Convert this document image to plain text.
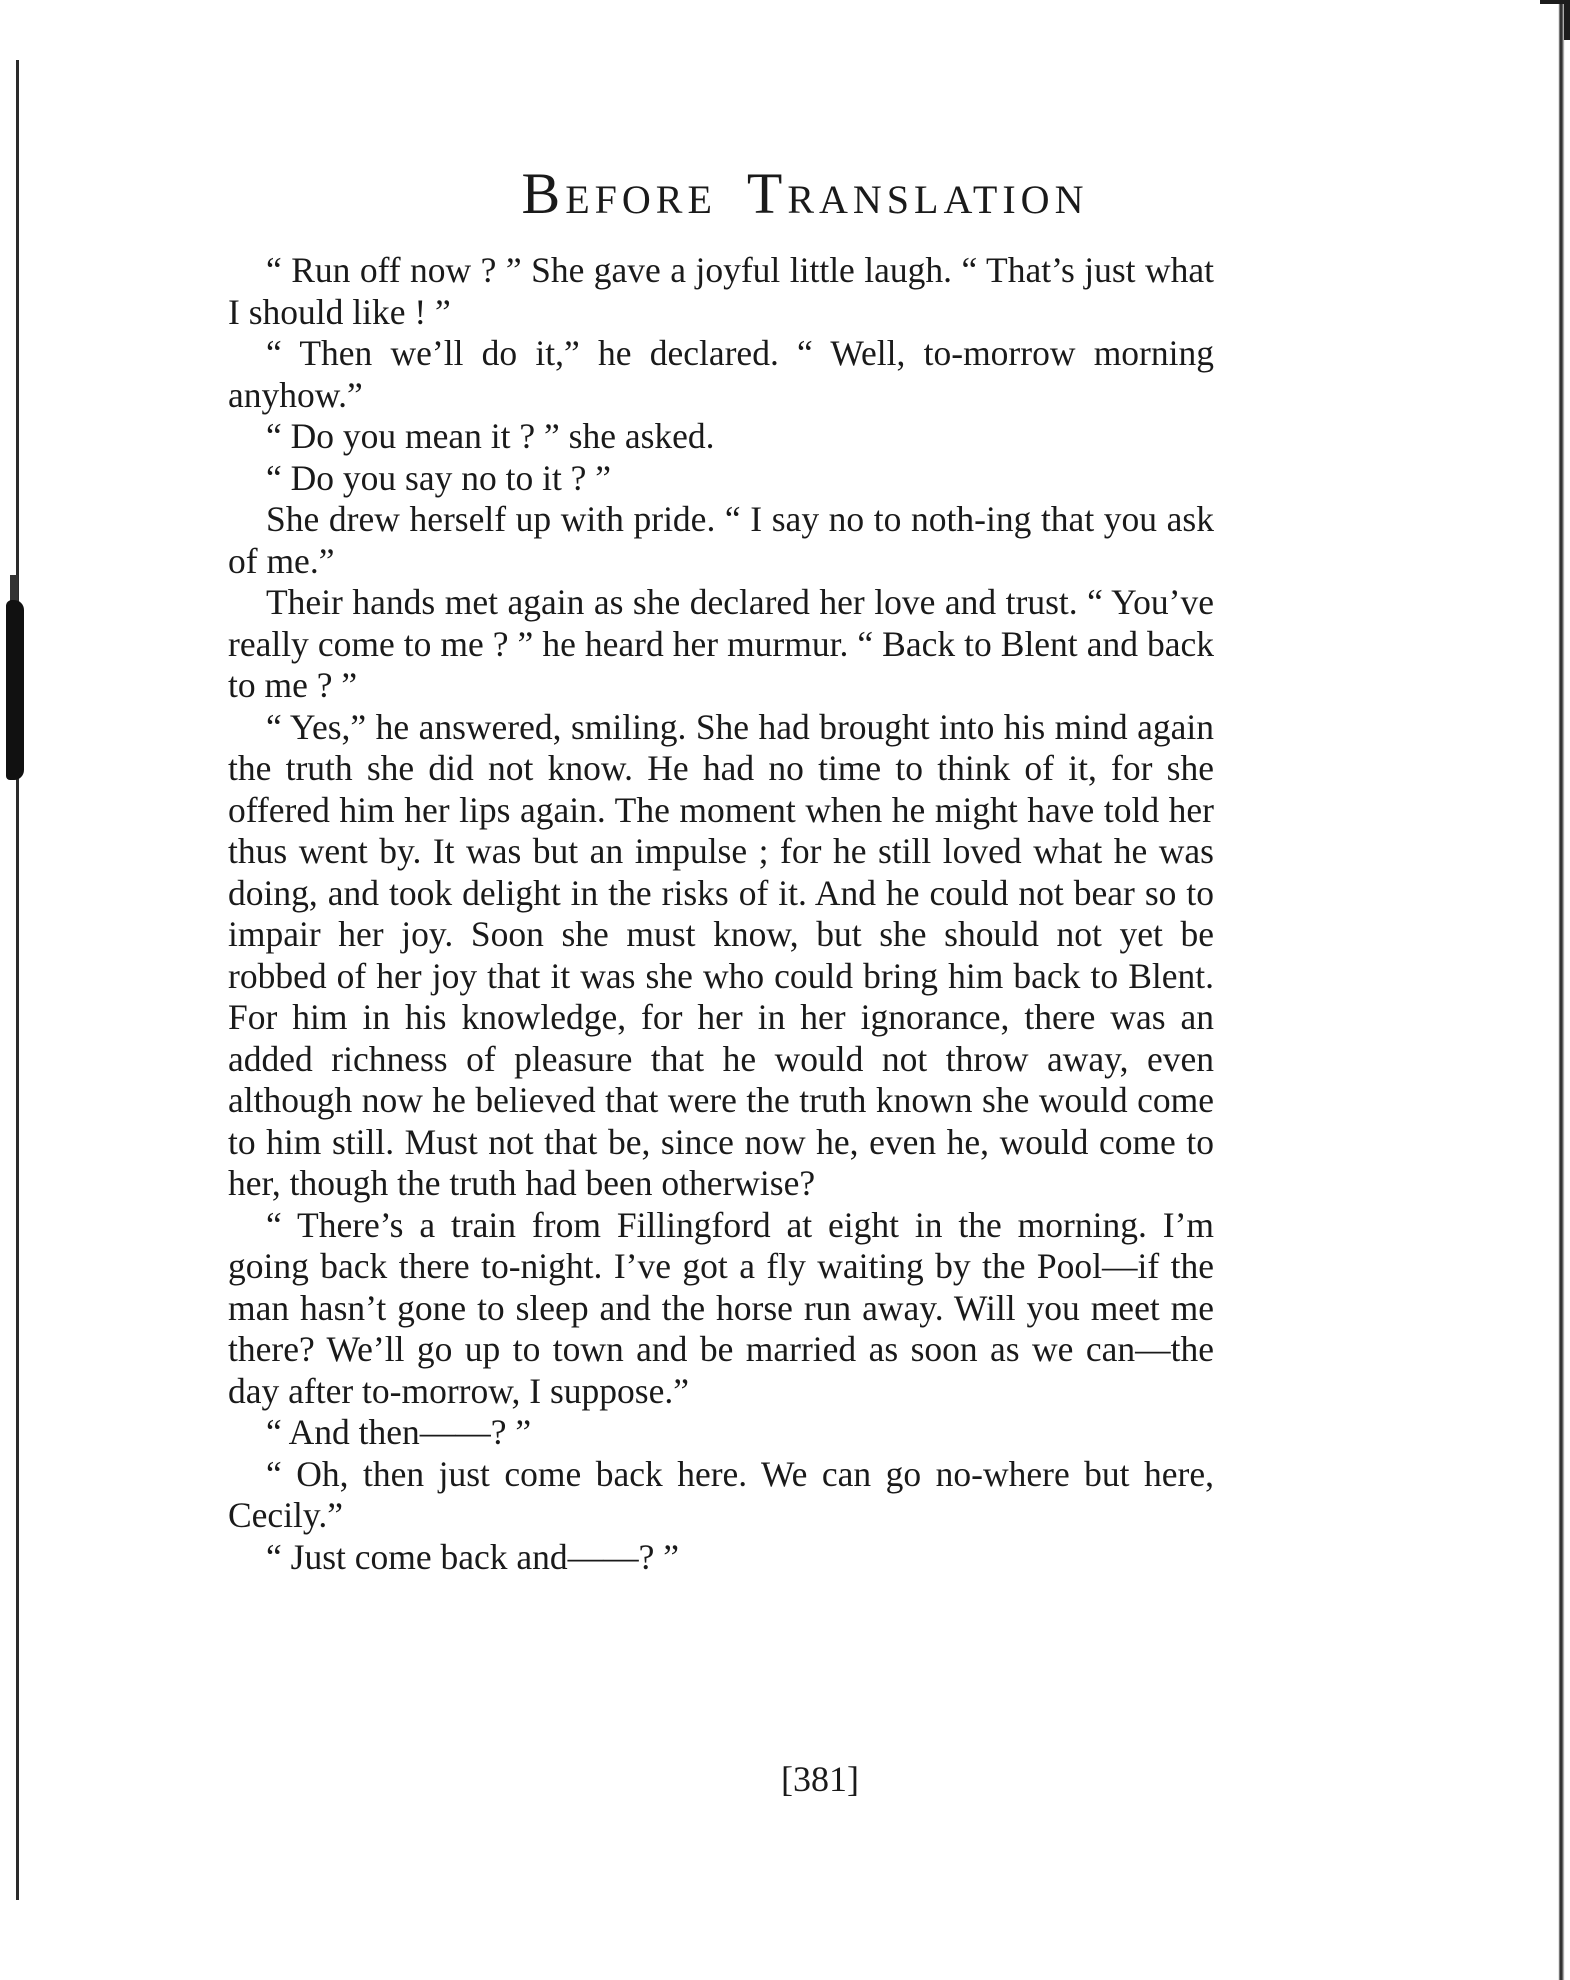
BEFORE TRANSLATION

“ Run off now ? ” She gave a joyful little laugh. “ That’s just what I should like ! ”

“ Then we’ll do it,” he declared. “ Well, to-morrow morning anyhow.”

“ Do you mean it ? ” she asked.

“ Do you say no to it ? ”

She drew herself up with pride. “ I say no to noth-ing that you ask of me.”

Their hands met again as she declared her love and trust. “ You’ve really come to me ? ” he heard her murmur. “ Back to Blent and back to me ? ”

“ Yes,” he answered, smiling. She had brought into his mind again the truth she did not know. He had no time to think of it, for she offered him her lips again. The moment when he might have told her thus went by. It was but an impulse ; for he still loved what he was doing, and took delight in the risks of it. And he could not bear so to impair her joy. Soon she must know, but she should not yet be robbed of her joy that it was she who could bring him back to Blent. For him in his knowledge, for her in her ignorance, there was an added richness of pleasure that he would not throw away, even although now he believed that were the truth known she would come to him still. Must not that be, since now he, even he, would come to her, though the truth had been otherwise?

“ There’s a train from Fillingford at eight in the morning. I’m going back there to-night. I’ve got a fly waiting by the Pool—if the man hasn’t gone to sleep and the horse run away. Will you meet me there? We’ll go up to town and be married as soon as we can—the day after to-morrow, I suppose.”

“ And then——? ”

“ Oh, then just come back here. We can go no-where but here, Cecily.”

“ Just come back and——? ”

[381]
